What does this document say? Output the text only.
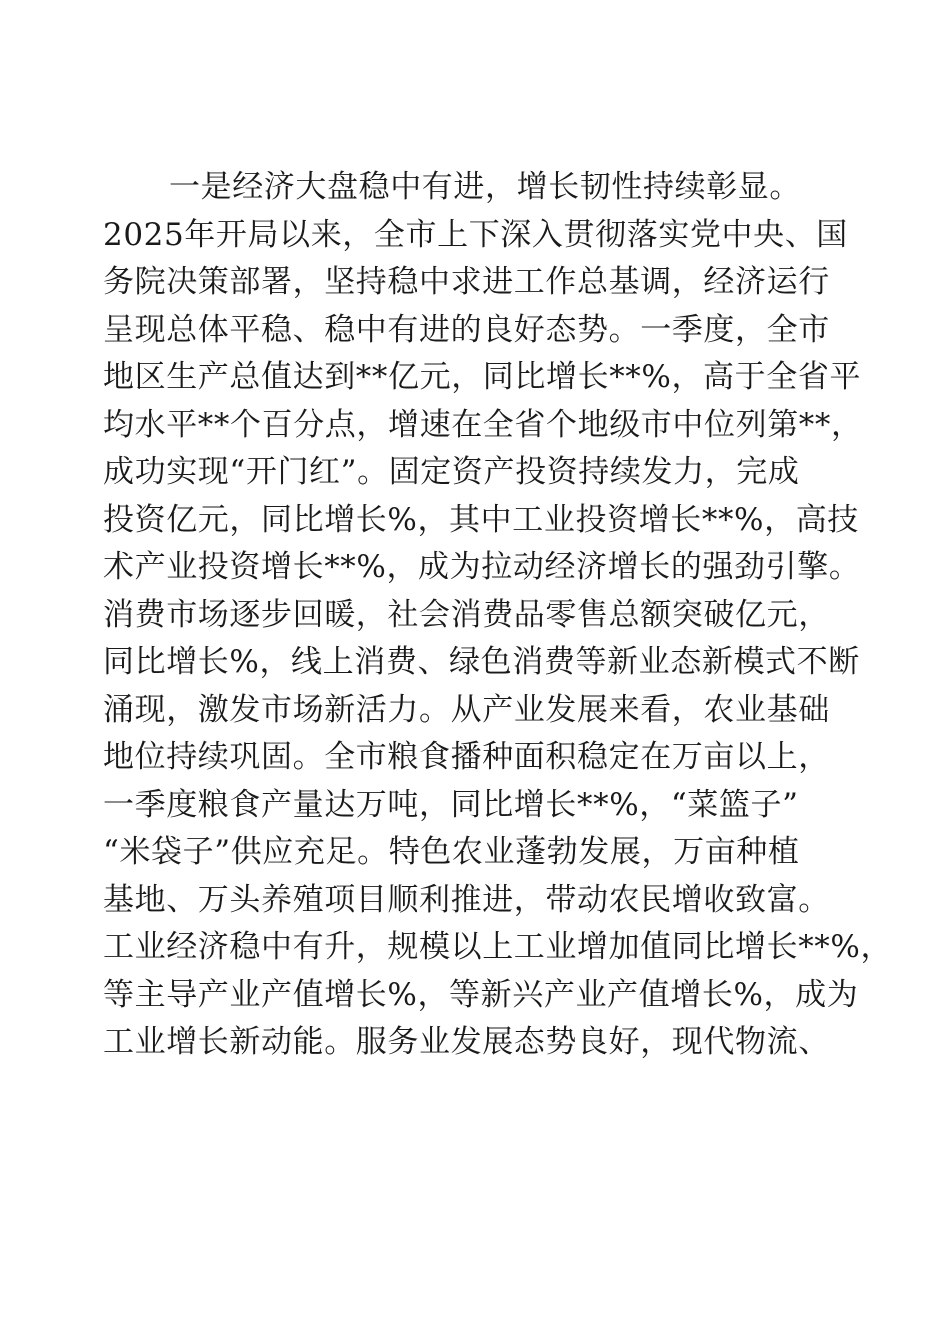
一是经济大盘稳中有进，增长韧性持续彰显。
2025年开局以来，全市上下深入贯彻落实党中央、国
务院决策部署，坚持稳中求进工作总基调，经济运行
呈现总体平稳、稳中有进的良好态势。一季度，全市
地区生产总值达到**亿元，同比增长**%，高于全省平
均水平**个百分点，增速在全省个地级市中位列第**，
成功实现“开门红”。固定资产投资持续发力，完成
投资亿元，同比增长%，其中工业投资增长**%，高技
术产业投资增长**%，成为拉动经济增长的强劲引擎。
消费市场逐步回暖，社会消费品零售总额突破亿元，
同比增长%，线上消费、绿色消费等新业态新模式不断
涌现，激发市场新活力。从产业发展来看，农业基础
地位持续巩固。全市粮食播种面积稳定在万亩以上，
一季度粮食产量达万吨，同比增长**%，“菜篮子”
“米袋子”供应充足。特色农业蓬勃发展，万亩种植
基地、万头养殖项目顺利推进，带动农民增收致富。
工业经济稳中有升，规模以上工业增加值同比增长**%，
等主导产业产值增长%，等新兴产业产值增长%，成为
工业增长新动能。服务业发展态势良好，现代物流、
